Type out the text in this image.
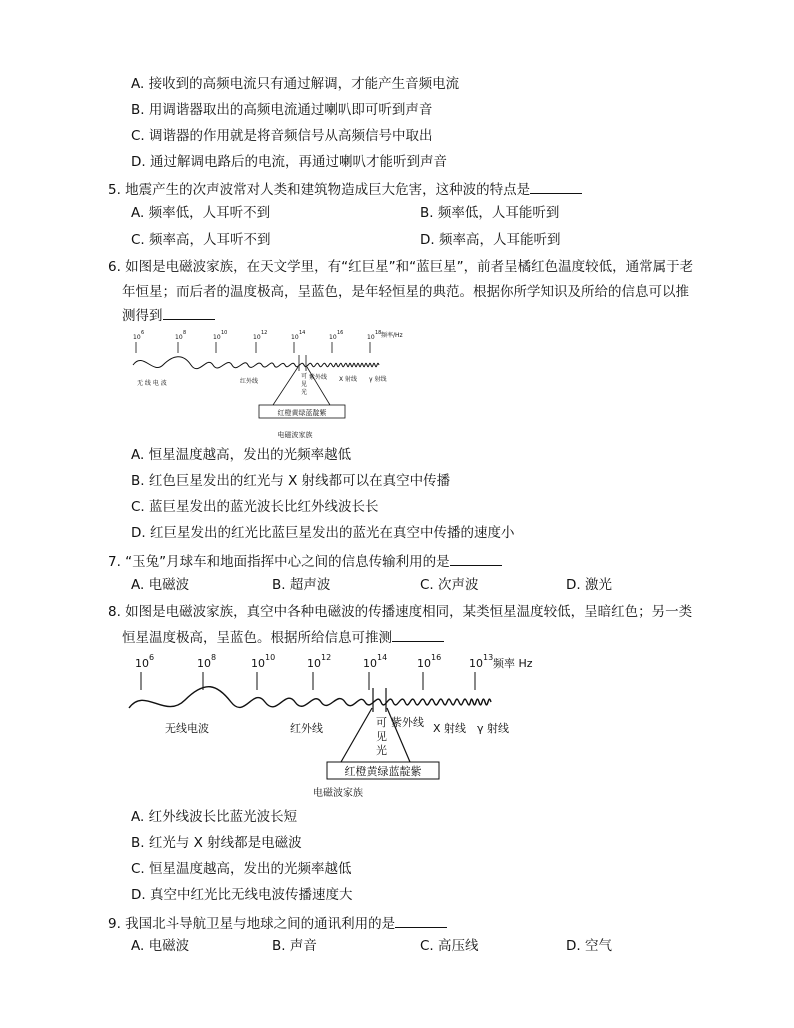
A. 接收到的高频电流只有通过解调，才能产生音频电流
B. 用调谐器取出的高频电流通过喇叭即可听到声音
C. 调谐器的作用就是将音频信号从高频信号中取出
D. 通过解调电路后的电流，再通过喇叭才能听到声音
5. 地震产生的次声波常对人类和建筑物造成巨大危害，这种波的特点是
A. 频率低，人耳听不到	B. 频率低，人耳能听到
C. 频率高，人耳听不到	D. 频率高，人耳能听到
6. 如图是电磁波家族，在天文学里，有“红巨星”和“蓝巨星”，前者呈橘红色温度较低，通常属于老
年恒星；而后者的温度极高，呈蓝色，是年轻恒星的典范。根据你所学知识及所给的信息可以推
测得到
10
6
10
8
10
10
10
12
10
14
10
16
10
18 频率/Hz
无 线 电 波	红外线
紫外线 X 射线 γ 射线
可
见
光
红橙黄绿蓝靛紫
电磁波家族
A. 恒星温度越高，发出的光频率越低
B. 红色巨星发出的红光与 X 射线都可以在真空中传播
C. 蓝巨星发出的蓝光波长比红外线波长长
D. 红巨星发出的红光比蓝巨星发出的蓝光在真空中传播的速度小
7. “玉兔”月球车和地面指挥中心之间的信息传输利用的是
A. 电磁波	B. 超声波	C. 次声波	D. 激光
8. 如图是电磁波家族，真空中各种电磁波的传播速度相同，某类恒星温度较低，呈暗红色；另一类
恒星温度极高，呈蓝色。根据所给信息可推测
10 6	10 8	10 10	10 12	10 14	10 16	10 13 频率 Hz
无线电波	红外线	紫外线 X 射线 γ 射线
可
见
光
红橙黄绿蓝靛紫
电磁波家族
A. 红外线波长比蓝光波长短
B. 红光与 X 射线都是电磁波
C. 恒星温度越高，发出的光频率越低
D. 真空中红光比无线电波传播速度大
9. 我国北斗导航卫星与地球之间的通讯利用的是
A. 电磁波	B. 声音	C. 高压线	D. 空气
